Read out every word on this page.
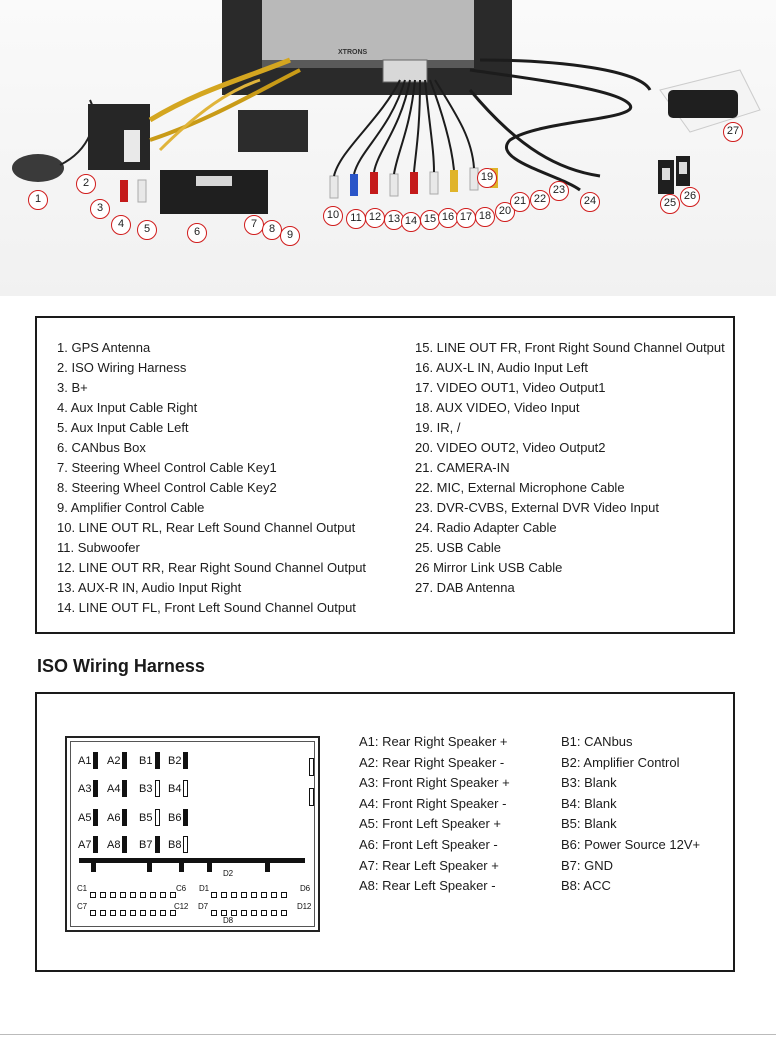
XTRONS
1
2
3
4	5	6
7	8	9
10	11 12 13 14 15 16 17 18
19
20
21 22
23
24	25
26
27
1. GPS Antenna
2. ISO Wiring Harness
3. B+
4. Aux Input Cable Right
5. Aux Input Cable Left
6. CANbus Box
7. Steering Wheel Control Cable Key1
8. Steering Wheel Control Cable Key2
9. Amplifier Control Cable
10. LINE OUT RL, Rear Left Sound Channel Output
11. Subwoofer
12. LINE OUT RR, Rear Right Sound Channel Output
13. AUX-R IN, Audio Input Right
14. LINE OUT FL, Front Left Sound Channel Output
15. LINE OUT FR, Front Right Sound Channel Output
16. AUX-L IN, Audio Input Left
17. VIDEO OUT1, Video Output1
18. AUX VIDEO, Video Input
19. IR, /
20. VIDEO OUT2, Video Output2
21. CAMERA-IN
22. MIC, External Microphone Cable
23. DVR-CVBS, External DVR Video Input
24. Radio Adapter Cable
25. USB Cable
26 Mirror Link USB Cable
27. DAB Antenna
ISO Wiring Harness
A1 A2 B1 B2
A3 A4 B3 B4
A5 A6 B5 B6
A7 A8 B7 B8
D2
C1	C6 D1	D6
C7	C12 D7	D12
D8
A1: Rear Right Speaker +
A2: Rear Right Speaker -
A3: Front Right Speaker +
A4: Front Right Speaker -
A5: Front Left Speaker +
A6: Front Left Speaker -
A7: Rear Left Speaker +
A8: Rear Left Speaker -
B1: CANbus
B2: Amplifier Control
B3: Blank
B4: Blank
B5: Blank
B6: Power Source 12V+
B7: GND
B8: ACC
